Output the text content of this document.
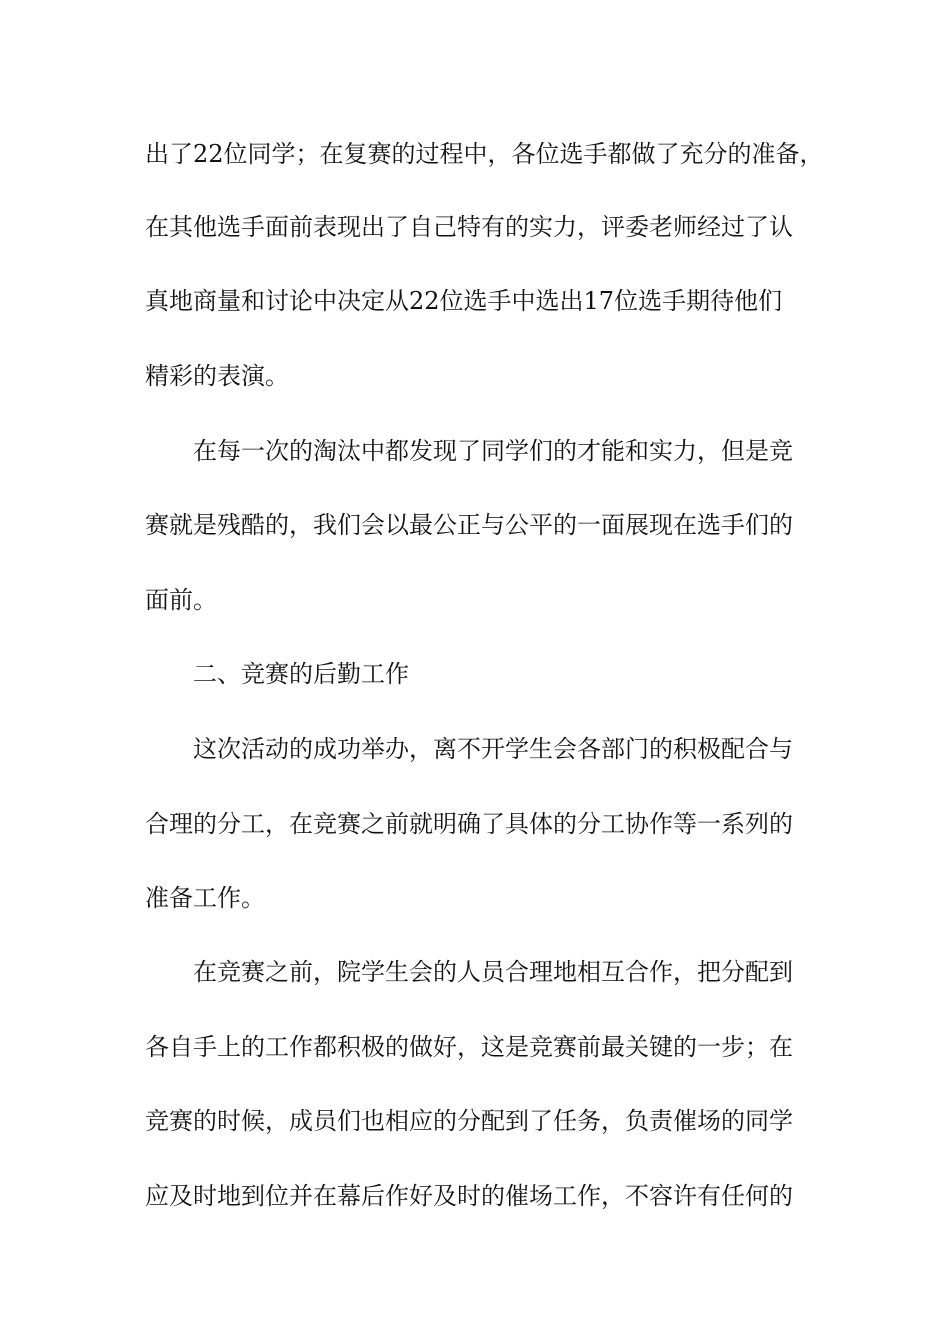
出了22位同学；在复赛的过程中，各位选手都做了充分的准备，
在其他选手面前表现出了自己特有的实力，评委老师经过了认
真地商量和讨论中决定从22位选手中选出17位选手期待他们
精彩的表演。
在每一次的淘汰中都发现了同学们的才能和实力，但是竞
赛就是残酷的，我们会以最公正与公平的一面展现在选手们的
面前。
二、竞赛的后勤工作
这次活动的成功举办，离不开学生会各部门的积极配合与
合理的分工，在竞赛之前就明确了具体的分工协作等一系列的
准备工作。
在竞赛之前，院学生会的人员合理地相互合作，把分配到
各自手上的工作都积极的做好，这是竞赛前最关键的一步；在
竞赛的时候，成员们也相应的分配到了任务，负责催场的同学
应及时地到位并在幕后作好及时的催场工作，不容许有任何的
